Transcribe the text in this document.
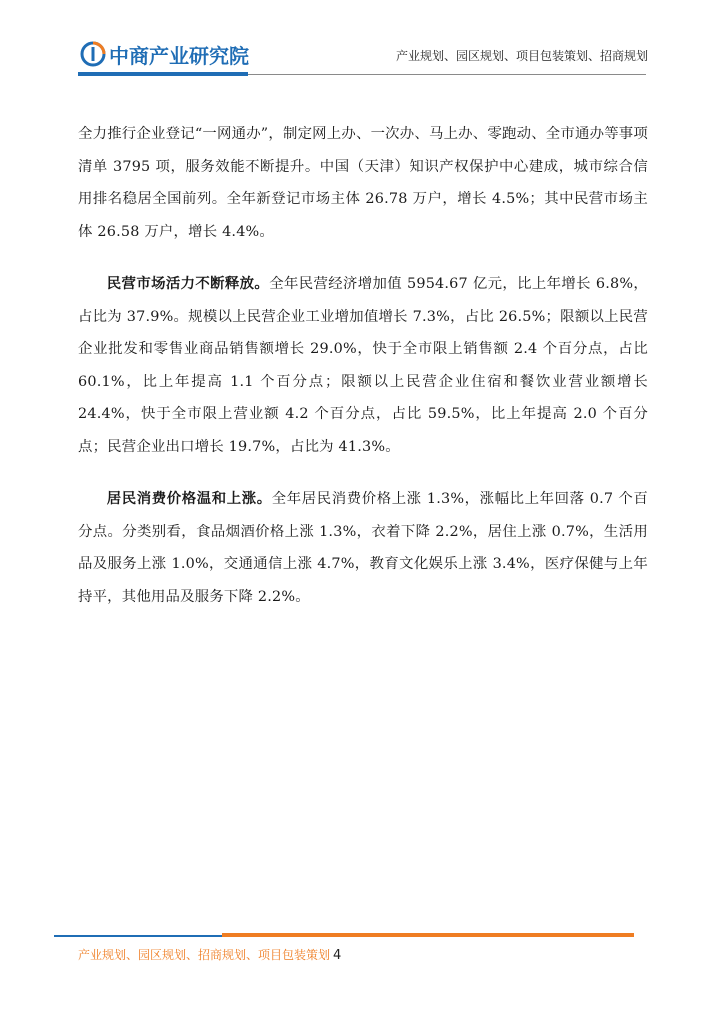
中商产业研究院	产业规划、园区规划、项目包装策划、招商规划

全力推行企业登记“一网通办”，制定网上办、一次办、马上办、零跑动、全市通办等事项清单 3795 项，服务效能不断提升。中国（天津）知识产权保护中心建成，城市综合信用排名稳居全国前列。全年新登记市场主体 26.78 万户，增长 4.5%；其中民营市场主体 26.58 万户，增长 4.4%。

民营市场活力不断释放。全年民营经济增加值 5954.67 亿元，比上年增长 6.8%，占比为 37.9%。规模以上民营企业工业增加值增长 7.3%，占比 26.5%；限额以上民营企业批发和零售业商品销售额增长 29.0%，快于全市限上销售额 2.4 个百分点，占比 60.1%，比上年提高 1.1 个百分点；限额以上民营企业住宿和餐饮业营业额增长 24.4%，快于全市限上营业额 4.2 个百分点，占比 59.5%，比上年提高 2.0 个百分点；民营企业出口增长 19.7%，占比为 41.3%。

居民消费价格温和上涨。全年居民消费价格上涨 1.3%，涨幅比上年回落 0.7 个百分点。分类别看，食品烟酒价格上涨 1.3%，衣着下降 2.2%，居住上涨 0.7%，生活用品及服务上涨 1.0%，交通通信上涨 4.7%，教育文化娱乐上涨 3.4%，医疗保健与上年持平，其他用品及服务下降 2.2%。

产业规划、园区规划、招商规划、项目包装策划 4
